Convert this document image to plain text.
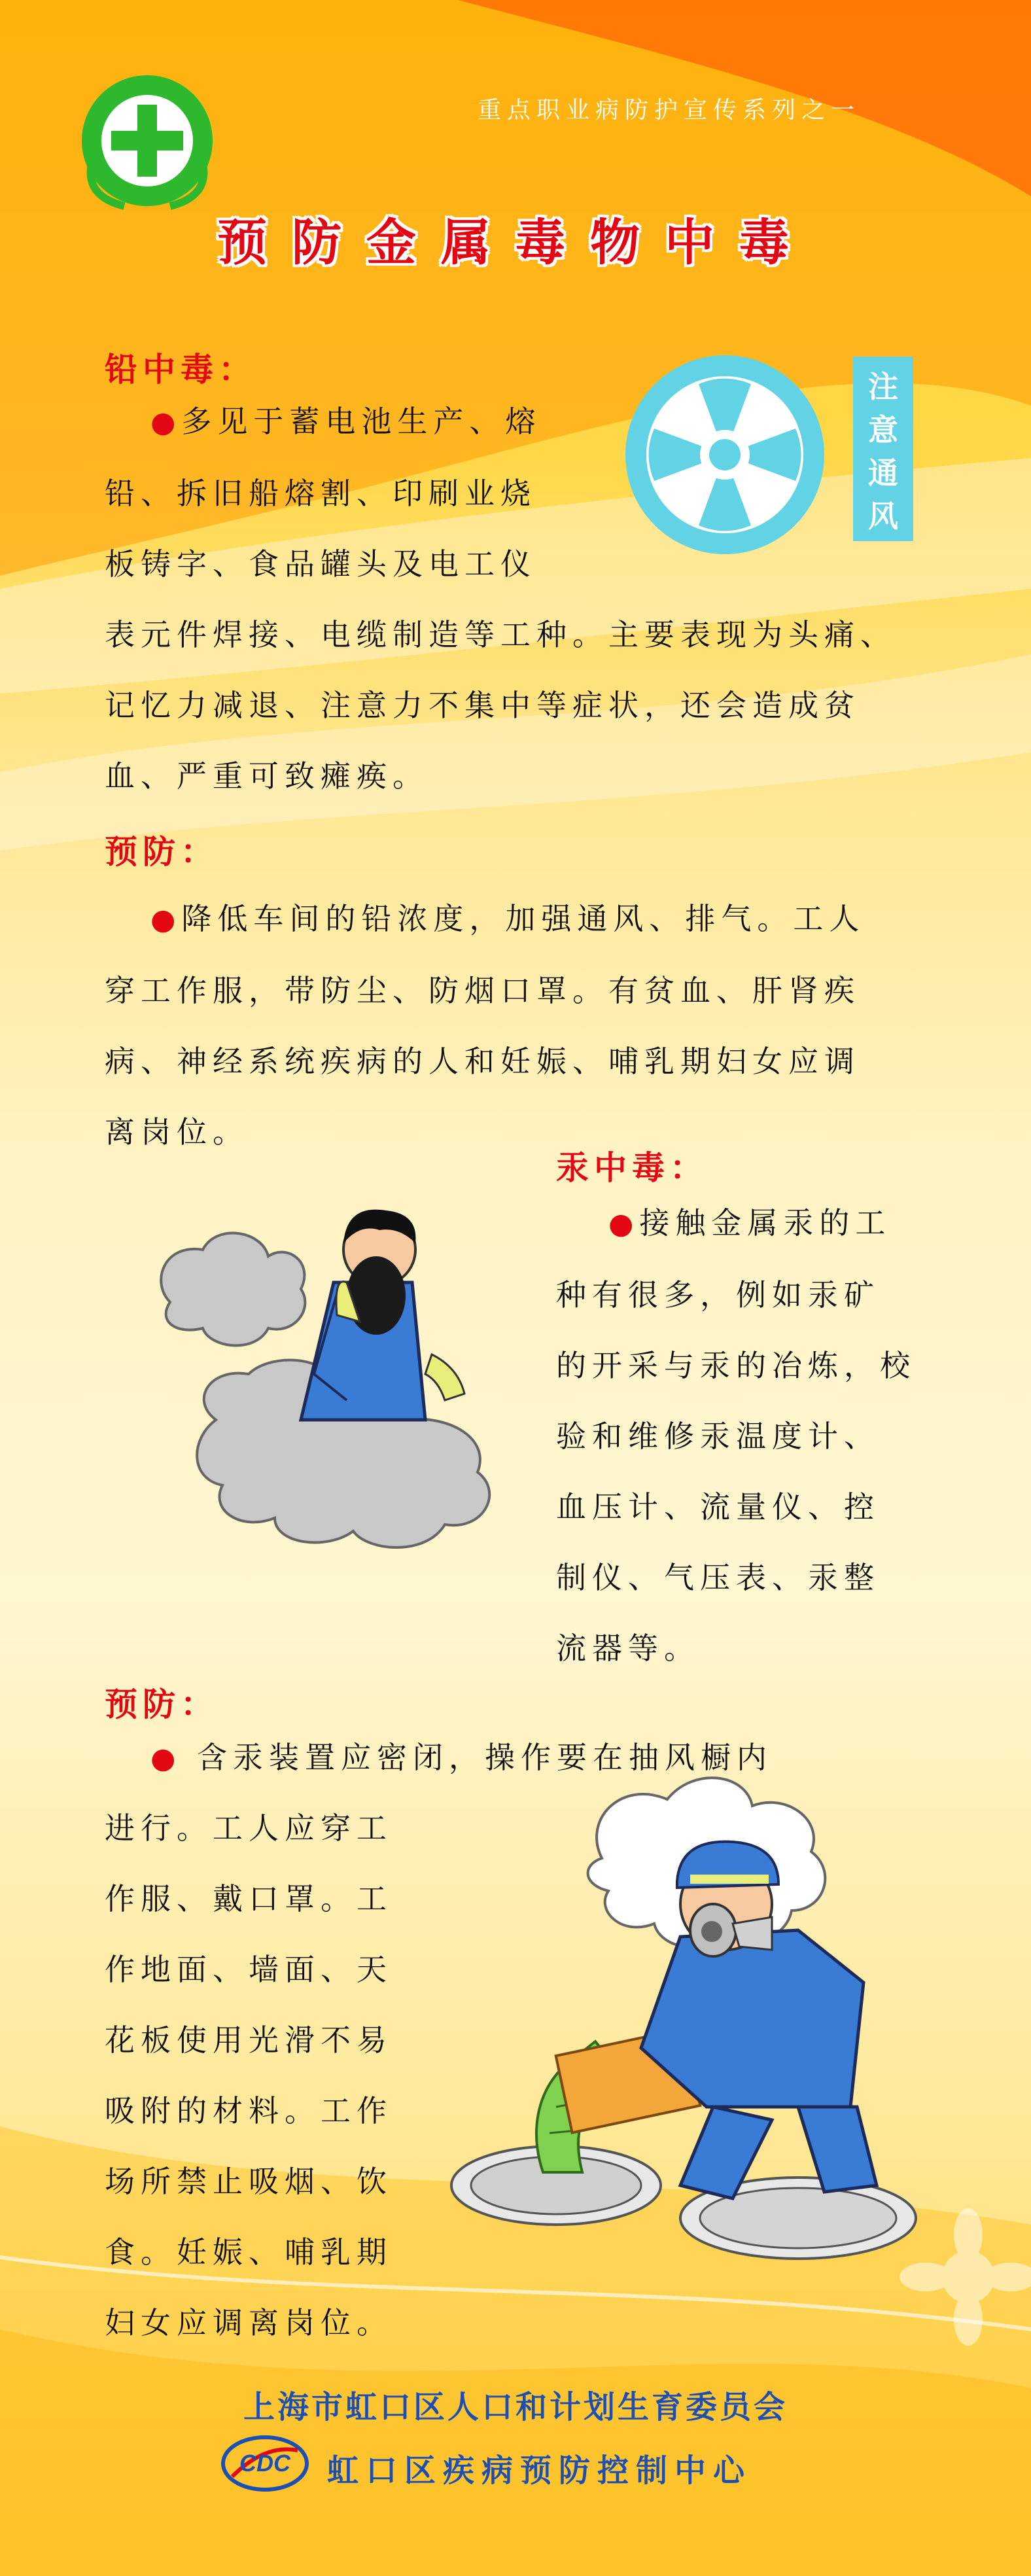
重点职业病防护宣传系列之一
预防金属毒物中毒
铅中毒：

●多见于蓄电池生产、熔

铅、拆旧船熔割、印刷业烧

板铸字、食品罐头及电工仪

表元件焊接、电缆制造等工种。主要表现为头痛、

记忆力减退、注意力不集中等症状，还会造成贫

血、严重可致瘫痪。

注
意
通
风
预防：

●降低车间的铅浓度，加强通风、排气。工人

穿工作服，带防尘、防烟口罩。有贫血、肝肾疾

病、神经系统疾病的人和妊娠、哺乳期妇女应调

离岗位。

汞中毒：

●接触金属汞的工

种有很多，例如汞矿

的开采与汞的冶炼，校

验和维修汞温度计、

血压计、流量仪、控

制仪、气压表、汞整

流器等。

预防：

● 含汞装置应密闭，操作要在抽风橱内

进行。工人应穿工

作服、戴口罩。工

作地面、墙面、天

花板使用光滑不易

吸附的材料。工作

场所禁止吸烟、饮

食。妊娠、哺乳期

妇女应调离岗位。

上海市虹口区人口和计划生育委员会
CDC 虹口区疾病预防控制中心
